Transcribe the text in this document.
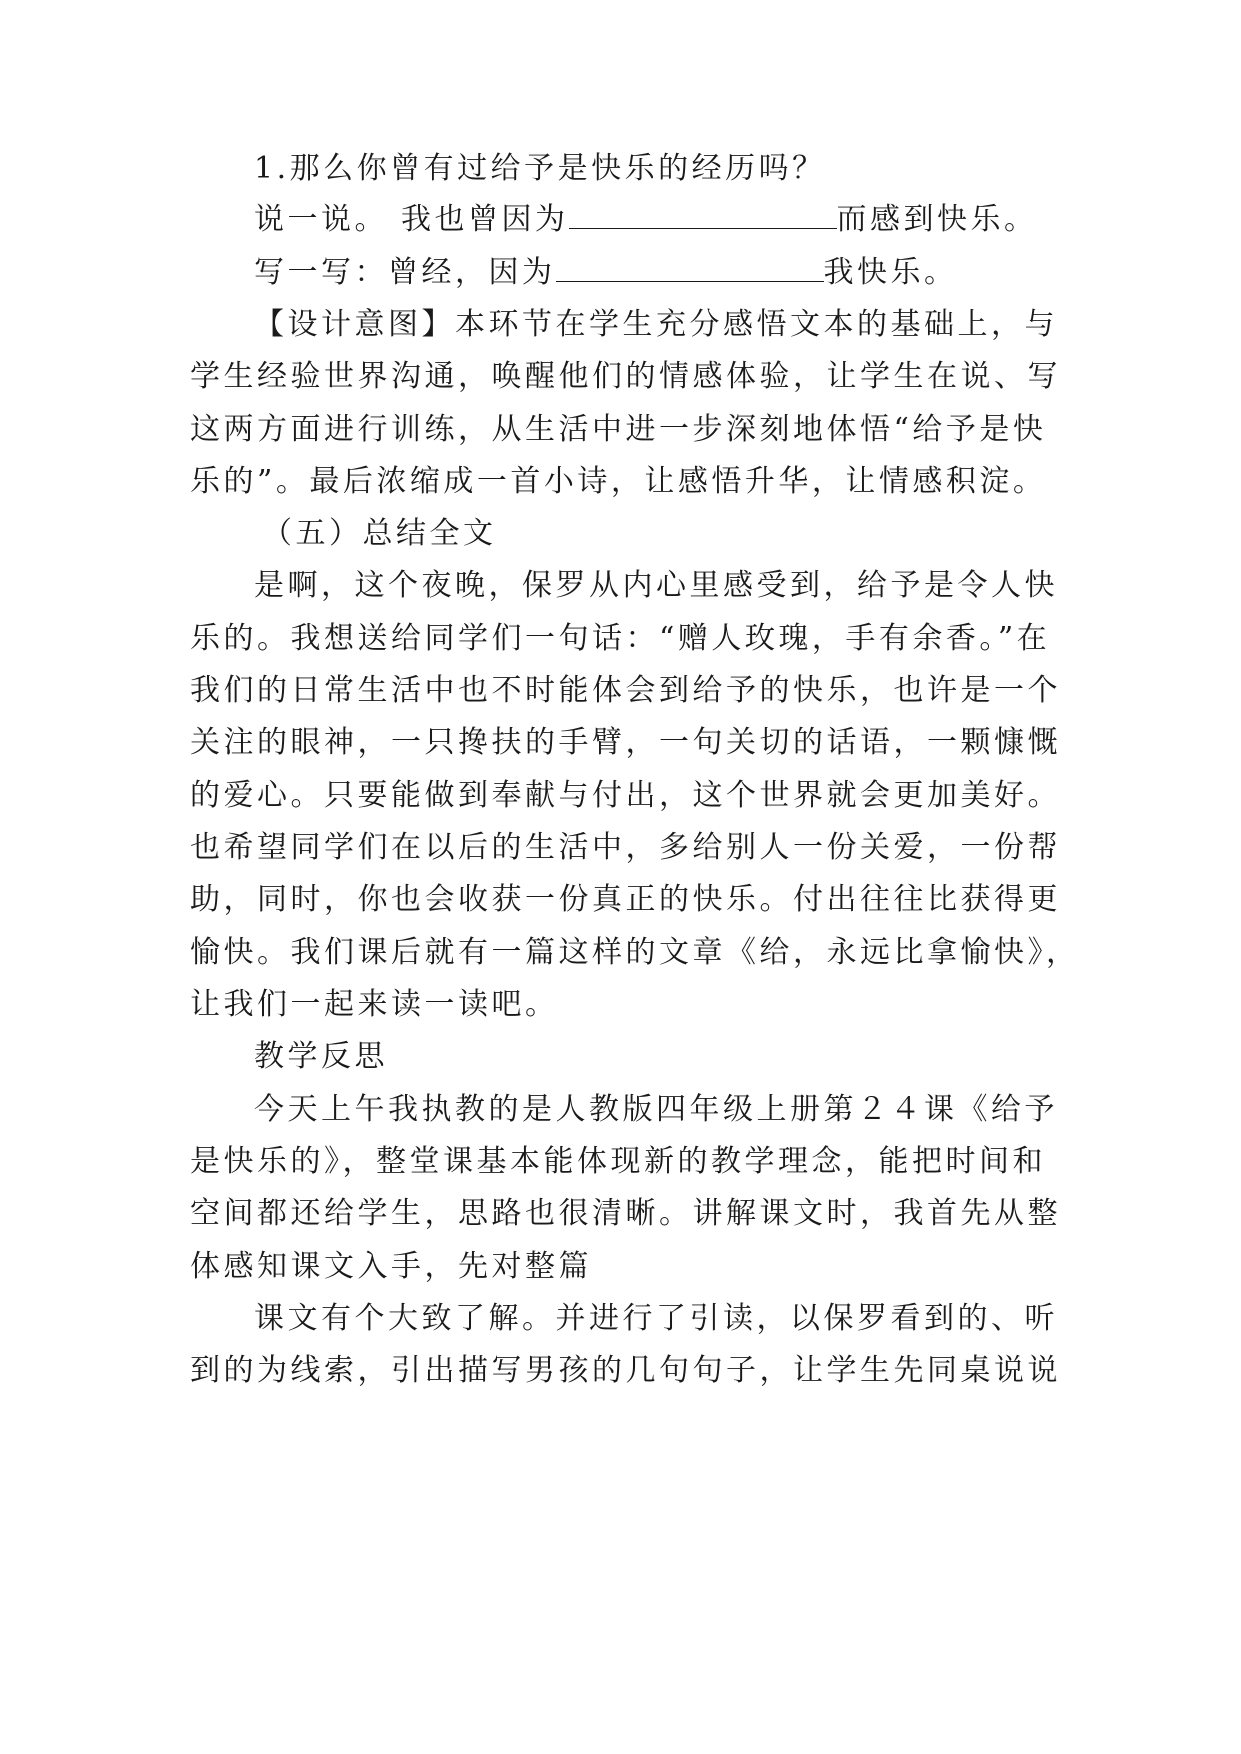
1.那么你曾有过给予是快乐的经历吗？
说一说。 我也曾因为	而感到快乐。
写一写：曾经，因为	我快乐。
【设计意图】本环节在学生充分感悟文本的基础上，与
学生经验世界沟通，唤醒他们的情感体验，让学生在说、写
这两方面进行训练，从生活中进一步深刻地体悟“给予是快
乐的”。最后浓缩成一首小诗，让感悟升华，让情感积淀。
（五）总结全文
是啊，这个夜晚，保罗从内心里感受到，给予是令人快
乐的。我想送给同学们一句话：“赠人玫瑰，手有余香。”在
我们的日常生活中也不时能体会到给予的快乐，也许是一个
关注的眼神，一只搀扶的手臂，一句关切的话语，一颗慷慨
的爱心。只要能做到奉献与付出，这个世界就会更加美好。
也希望同学们在以后的生活中，多给别人一份关爱，一份帮
助，同时，你也会收获一份真正的快乐。付出往往比获得更
愉快。我们课后就有一篇这样的文章《给，永远比拿愉快》，
让我们一起来读一读吧。
教学反思
今天上午我执教的是人教版四年级上册第２４课《给予
是快乐的》，整堂课基本能体现新的教学理念，能把时间和
空间都还给学生，思路也很清晰。讲解课文时，我首先从整
体感知课文入手，先对整篇
课文有个大致了解。并进行了引读，以保罗看到的、听
到的为线索，引出描写男孩的几句句子，让学生先同桌说说
